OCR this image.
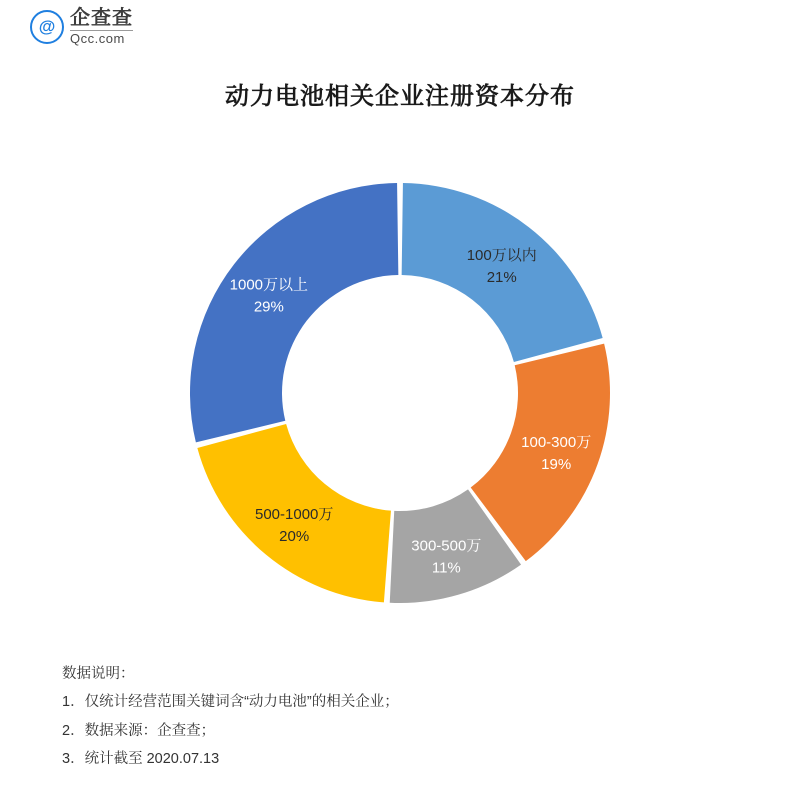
@ 企查查
Qcc.com
动力电池相关企业注册资本分布
100万以内
21%
100-300万
19%
300-500万
11%
500-1000万
20%
1000万以上
29%
数据说明：
1．仅统计经营范围关键词含“动力电池”的相关企业；
2．数据来源：企查查；
3．统计截至 2020.07.13
